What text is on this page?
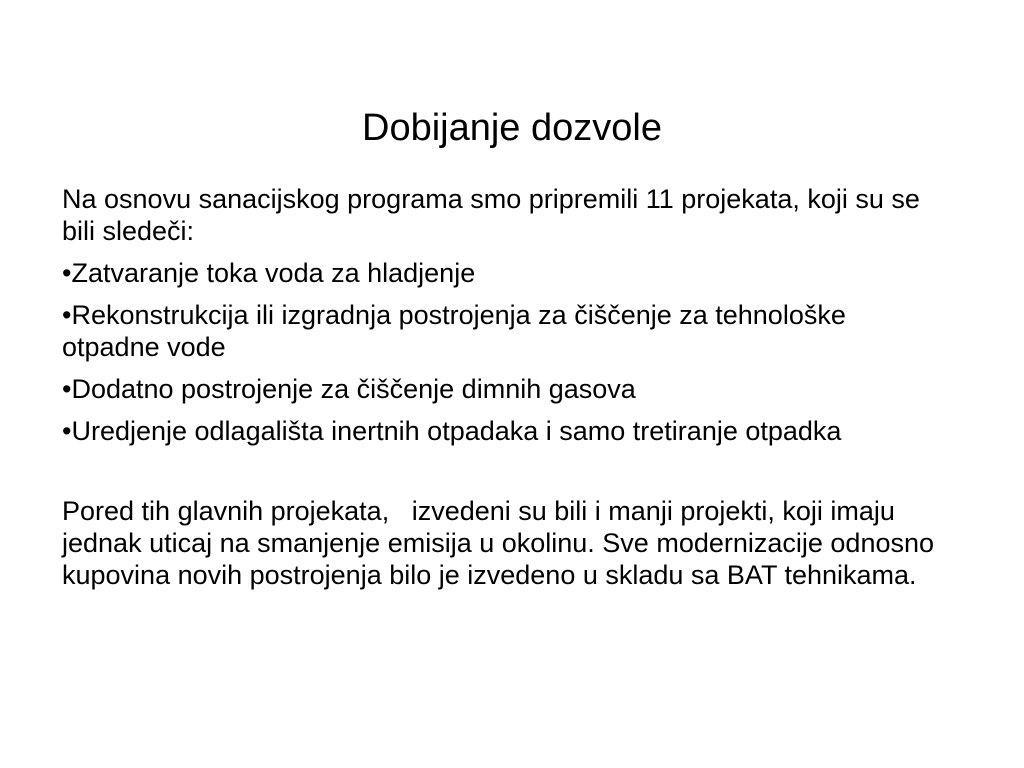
Dobijanje dozvole

Na osnovu sanacijskog programa smo pripremili 11 projekata, koji su se bili sledeči:

•Zatvaranje toka voda za hladjenje

•Rekonstrukcija ili izgradnja postrojenja za čiščenje za tehnološke otpadne vode

•Dodatno postrojenje za čiščenje dimnih gasova

•Uredjenje odlagališta inertnih otpadaka i samo tretiranje otpadka

Pored tih glavnih projekata,   izvedeni su bili i manji projekti, koji imaju jednak uticaj na smanjenje emisija u okolinu. Sve modernizacije odnosno kupovina novih postrojenja bilo je izvedeno u skladu sa BAT tehnikama.
